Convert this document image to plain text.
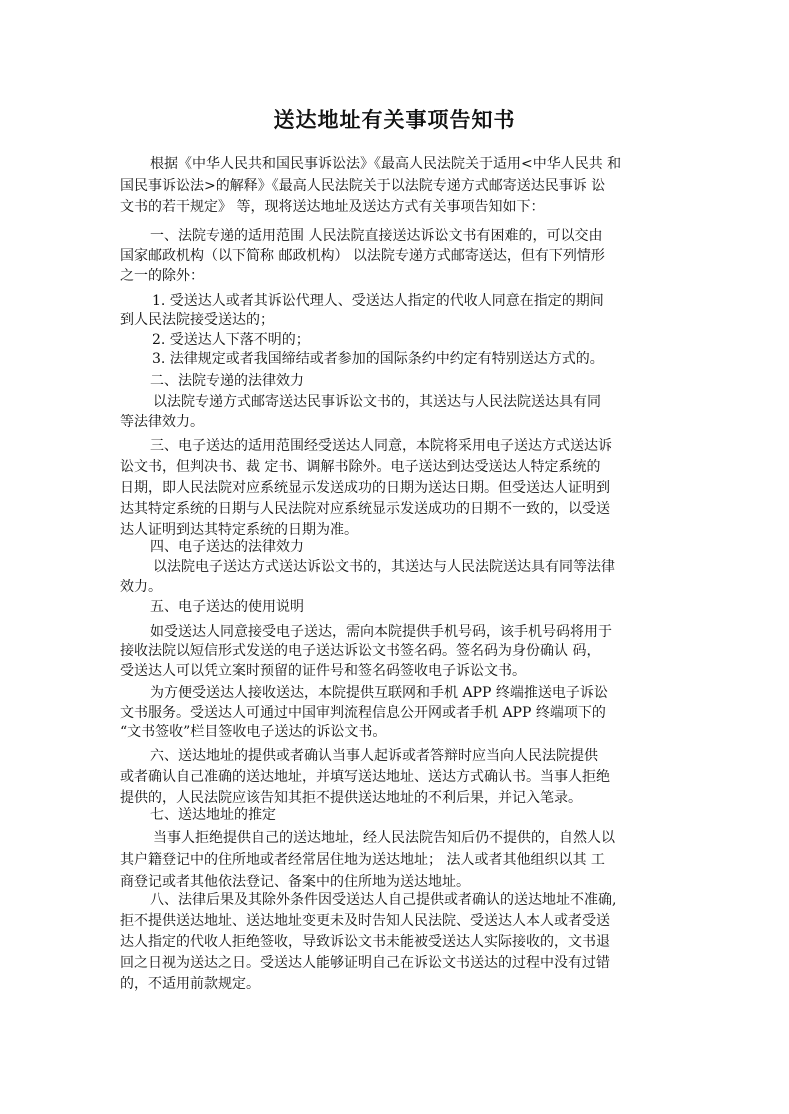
送达地址有关事项告知书
根据《中华人民共和国民事诉讼法》《最高人民法院关于适用<中华人民共 和
国民事诉讼法>的解释》《最高人民法院关于以法院专递方式邮寄送达民事诉 讼
文书的若干规定》 等，现将送达地址及送达方式有关事项告知如下：
一、法院专递的适用范围 人民法院直接送达诉讼文书有困难的，可以交由
国家邮政机构（以下简称 邮政机构） 以法院专递方式邮寄送达，但有下列情形
之一的除外：
1. 受送达人或者其诉讼代理人、受送达人指定的代收人同意在指定的期间
到人民法院接受送达的；
2. 受送达人下落不明的；
3. 法律规定或者我国缔结或者参加的国际条约中约定有特别送达方式的。
二、法院专递的法律效力
以法院专递方式邮寄送达民事诉讼文书的，其送达与人民法院送达具有同
等法律效力。
三、电子送达的适用范围经受送达人同意，本院将采用电子送达方式送达诉
讼文书，但判决书、裁 定书、调解书除外。电子送达到达受送达人特定系统的
日期，即人民法院对应系统显示发送成功的日期为送达日期。但受送达人证明到
达其特定系统的日期与人民法院对应系统显示发送成功的日期不一致的，以受送
达人证明到达其特定系统的日期为准。
四、电子送达的法律效力
以法院电子送达方式送达诉讼文书的，其送达与人民法院送达具有同等法律
效力。
五、电子送达的使用说明
如受送达人同意接受电子送达，需向本院提供手机号码，该手机号码将用于
接收法院以短信形式发送的电子送达诉讼文书签名码。签名码为身份确认 码，
受送达人可以凭立案时预留的证件号和签名码签收电子诉讼文书。
为方便受送达人接收送达，本院提供互联网和手机 APP 终端推送电子诉讼
文书服务。受送达人可通过中国审判流程信息公开网或者手机 APP 终端项下的
“文书签收”栏目签收电子送达的诉讼文书。
六、送达地址的提供或者确认当事人起诉或者答辩时应当向人民法院提供
或者确认自己准确的送达地址，并填写送达地址、送达方式确认书。当事人拒绝
提供的，人民法院应该告知其拒不提供送达地址的不利后果，并记入笔录。
七、送达地址的推定
当事人拒绝提供自己的送达地址，经人民法院告知后仍不提供的，自然人以
其户籍登记中的住所地或者经常居住地为送达地址； 法人或者其他组织以其 工
商登记或者其他依法登记、备案中的住所地为送达地址。
八、法律后果及其除外条件因受送达人自己提供或者确认的送达地址不准确,
拒不提供送达地址、送达地址变更未及时告知人民法院、受送达人本人或者受送
达人指定的代收人拒绝签收，导致诉讼文书未能被受送达人实际接收的，文书退
回之日视为送达之日。受送达人能够证明自己在诉讼文书送达的过程中没有过错
的，不适用前款规定。
